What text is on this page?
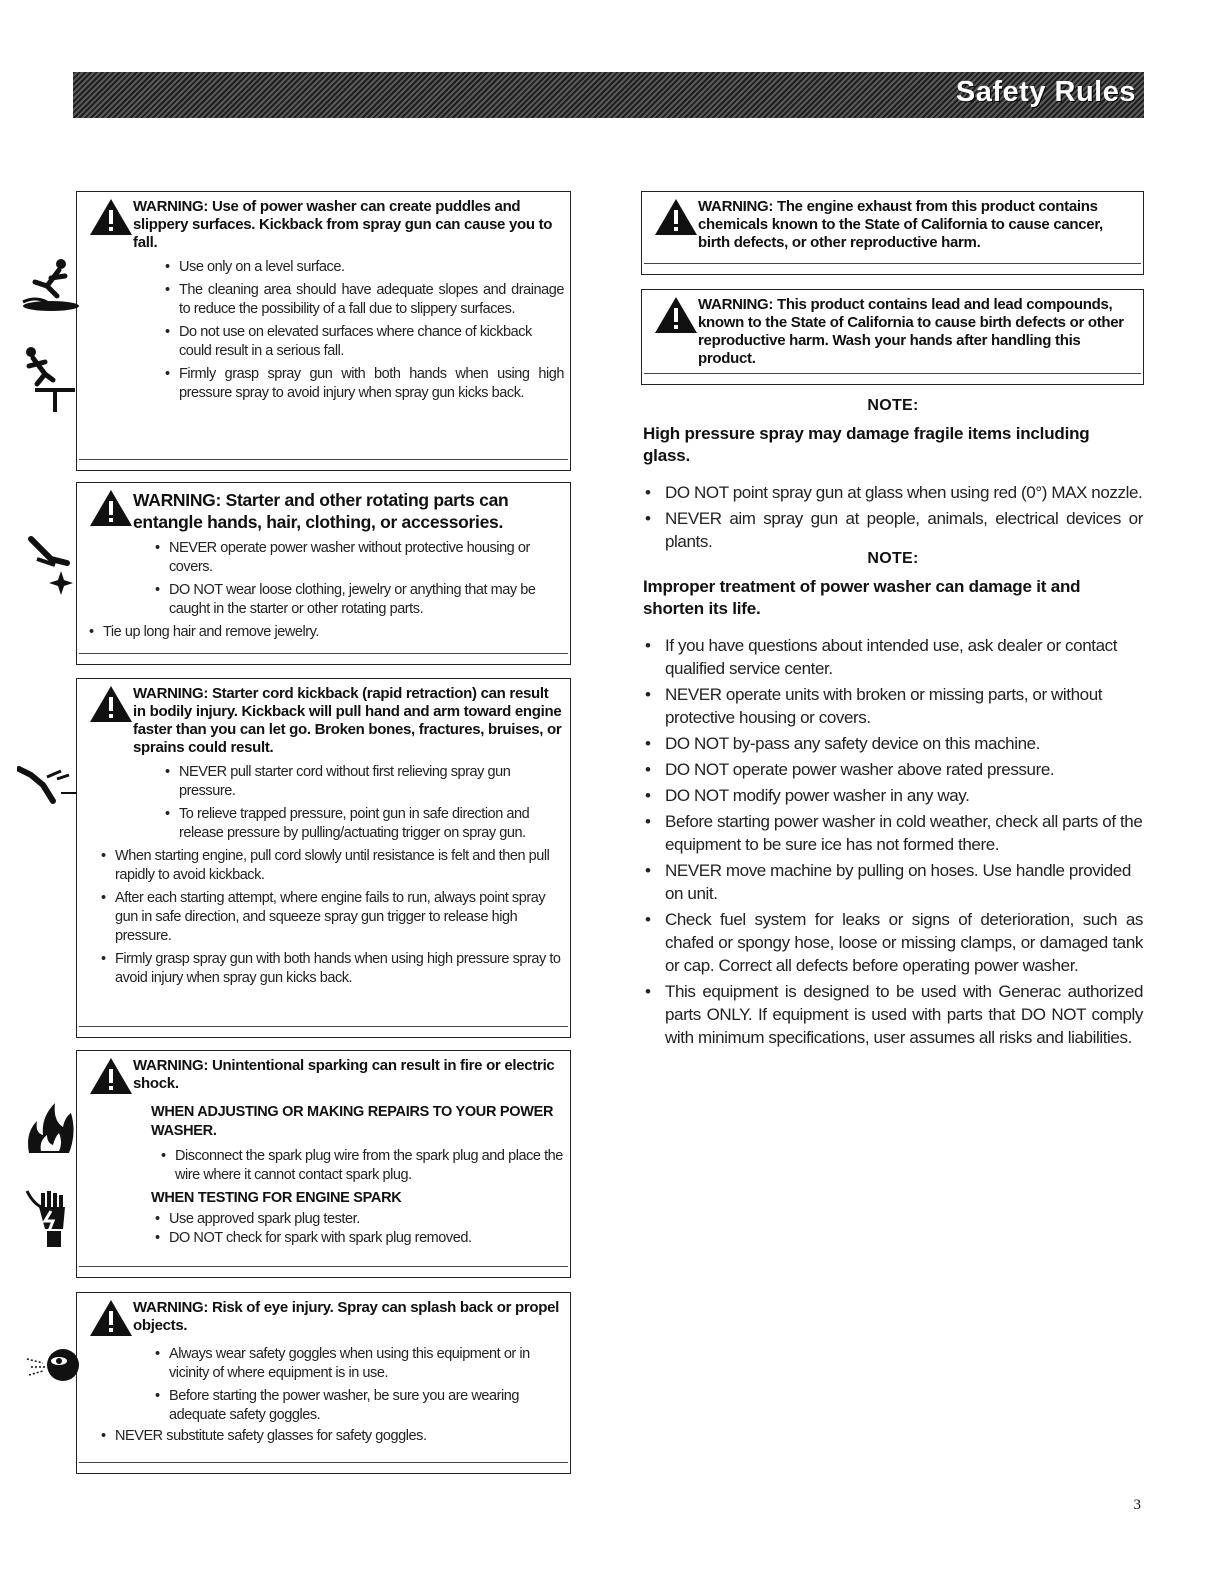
Safety Rules
WARNING: Use of power washer can create puddles and slippery surfaces. Kickback from spray gun can cause you to fall.
• Use only on a level surface.
• The cleaning area should have adequate slopes and drainage to reduce the possibility of a fall due to slippery surfaces.
• Do not use on elevated surfaces where chance of kickback could result in a serious fall.
• Firmly grasp spray gun with both hands when using high pressure spray to avoid injury when spray gun kicks back.
WARNING: Starter and other rotating parts can entangle hands, hair, clothing, or accessories.
• NEVER operate power washer without protective housing or covers.
• DO NOT wear loose clothing, jewelry or anything that may be caught in the starter or other rotating parts.
• Tie up long hair and remove jewelry.
WARNING: Starter cord kickback (rapid retraction) can result in bodily injury. Kickback will pull hand and arm toward engine faster than you can let go. Broken bones, fractures, bruises, or sprains could result.
• NEVER pull starter cord without first relieving spray gun pressure.
• To relieve trapped pressure, point gun in safe direction and release pressure by pulling/actuating trigger on spray gun.
• When starting engine, pull cord slowly until resistance is felt and then pull rapidly to avoid kickback.
• After each starting attempt, where engine fails to run, always point spray gun in safe direction, and squeeze spray gun trigger to release high pressure.
• Firmly grasp spray gun with both hands when using high pressure spray to avoid injury when spray gun kicks back.
WARNING: Unintentional sparking can result in fire or electric shock.
WHEN ADJUSTING OR MAKING REPAIRS TO YOUR POWER WASHER.
• Disconnect the spark plug wire from the spark plug and place the wire where it cannot contact spark plug.
WHEN TESTING FOR ENGINE SPARK
• Use approved spark plug tester.
• DO NOT check for spark with spark plug removed.
WARNING: Risk of eye injury. Spray can splash back or propel objects.
• Always wear safety goggles when using this equipment or in vicinity of where equipment is in use.
• Before starting the power washer, be sure you are wearing adequate safety goggles.
• NEVER substitute safety glasses for safety goggles.
WARNING: The engine exhaust from this product contains chemicals known to the State of California to cause cancer, birth defects, or other reproductive harm.
WARNING: This product contains lead and lead compounds, known to the State of California to cause birth defects or other reproductive harm. Wash your hands after handling this product.
NOTE:
High pressure spray may damage fragile items including glass.
• DO NOT point spray gun at glass when using red (0°) MAX nozzle.
• NEVER aim spray gun at people, animals, electrical devices or plants.
NOTE:
Improper treatment of power washer can damage it and shorten its life.
• If you have questions about intended use, ask dealer or contact qualified service center.
• NEVER operate units with broken or missing parts, or without protective housing or covers.
• DO NOT by-pass any safety device on this machine.
• DO NOT operate power washer above rated pressure.
• DO NOT modify power washer in any way.
• Before starting power washer in cold weather, check all parts of the equipment to be sure ice has not formed there.
• NEVER move machine by pulling on hoses. Use handle provided on unit.
• Check fuel system for leaks or signs of deterioration, such as chafed or spongy hose, loose or missing clamps, or damaged tank or cap. Correct all defects before operating power washer.
• This equipment is designed to be used with Generac authorized parts ONLY. If equipment is used with parts that DO NOT comply with minimum specifications, user assumes all risks and liabilities.
3
